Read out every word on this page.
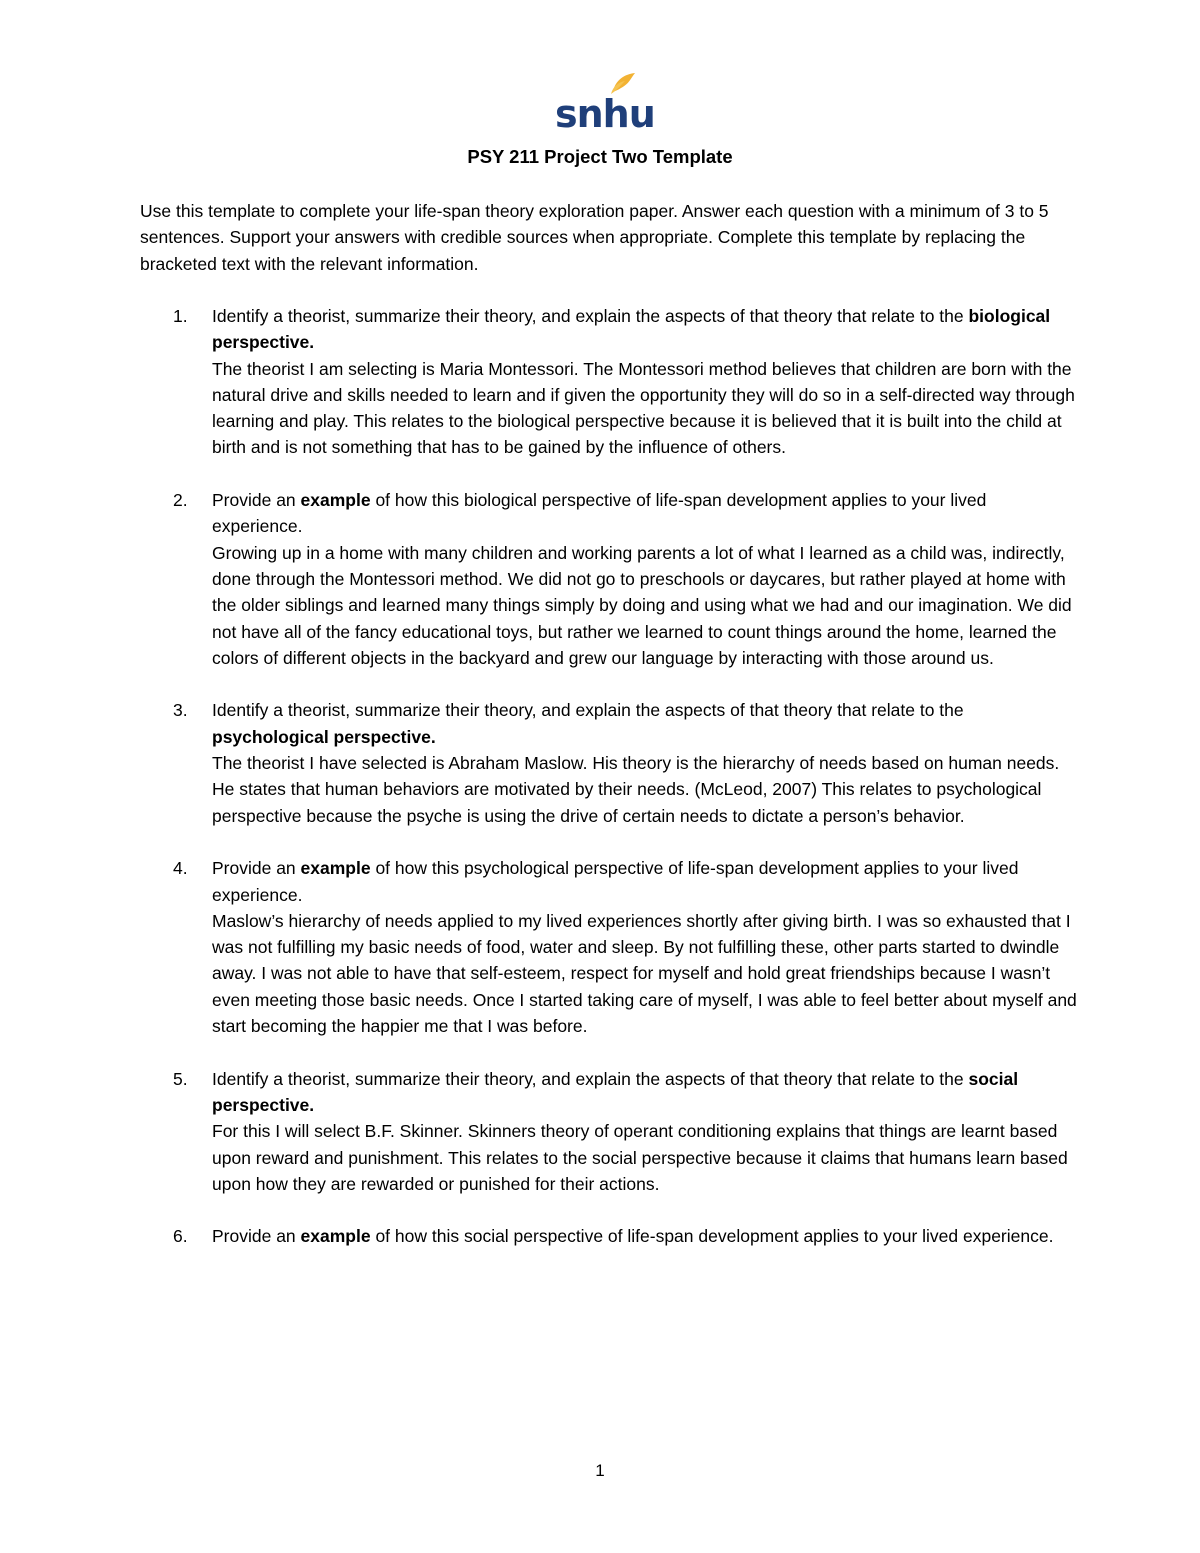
snhu
PSY 211 Project Two Template
Use this template to complete your life-span theory exploration paper. Answer each question with a minimum of 3 to 5 sentences. Support your answers with credible sources when appropriate. Complete this template by replacing the bracketed text with the relevant information.
1. Identify a theorist, summarize their theory, and explain the aspects of that theory that relate to the biological perspective.
The theorist I am selecting is Maria Montessori. The Montessori method believes that children are born with the natural drive and skills needed to learn and if given the opportunity they will do so in a self-directed way through learning and play. This relates to the biological perspective because it is believed that it is built into the child at birth and is not something that has to be gained by the influence of others.
2. Provide an example of how this biological perspective of life-span development applies to your lived experience.
Growing up in a home with many children and working parents a lot of what I learned as a child was, indirectly, done through the Montessori method. We did not go to preschools or daycares, but rather played at home with the older siblings and learned many things simply by doing and using what we had and our imagination. We did not have all of the fancy educational toys, but rather we learned to count things around the home, learned the colors of different objects in the backyard and grew our language by interacting with those around us.
3. Identify a theorist, summarize their theory, and explain the aspects of that theory that relate to the psychological perspective.
The theorist I have selected is Abraham Maslow. His theory is the hierarchy of needs based on human needs. He states that human behaviors are motivated by their needs. (McLeod, 2007) This relates to psychological perspective because the psyche is using the drive of certain needs to dictate a person’s behavior.
4. Provide an example of how this psychological perspective of life-span development applies to your lived experience.
Maslow’s hierarchy of needs applied to my lived experiences shortly after giving birth. I was so exhausted that I was not fulfilling my basic needs of food, water and sleep. By not fulfilling these, other parts started to dwindle away. I was not able to have that self-esteem, respect for myself and hold great friendships because I wasn’t even meeting those basic needs. Once I started taking care of myself, I was able to feel better about myself and start becoming the happier me that I was before.
5. Identify a theorist, summarize their theory, and explain the aspects of that theory that relate to the social perspective.
For this I will select B.F. Skinner. Skinners theory of operant conditioning explains that things are learnt based upon reward and punishment. This relates to the social perspective because it claims that humans learn based upon how they are rewarded or punished for their actions.
6. Provide an example of how this social perspective of life-span development applies to your lived experience.
1
